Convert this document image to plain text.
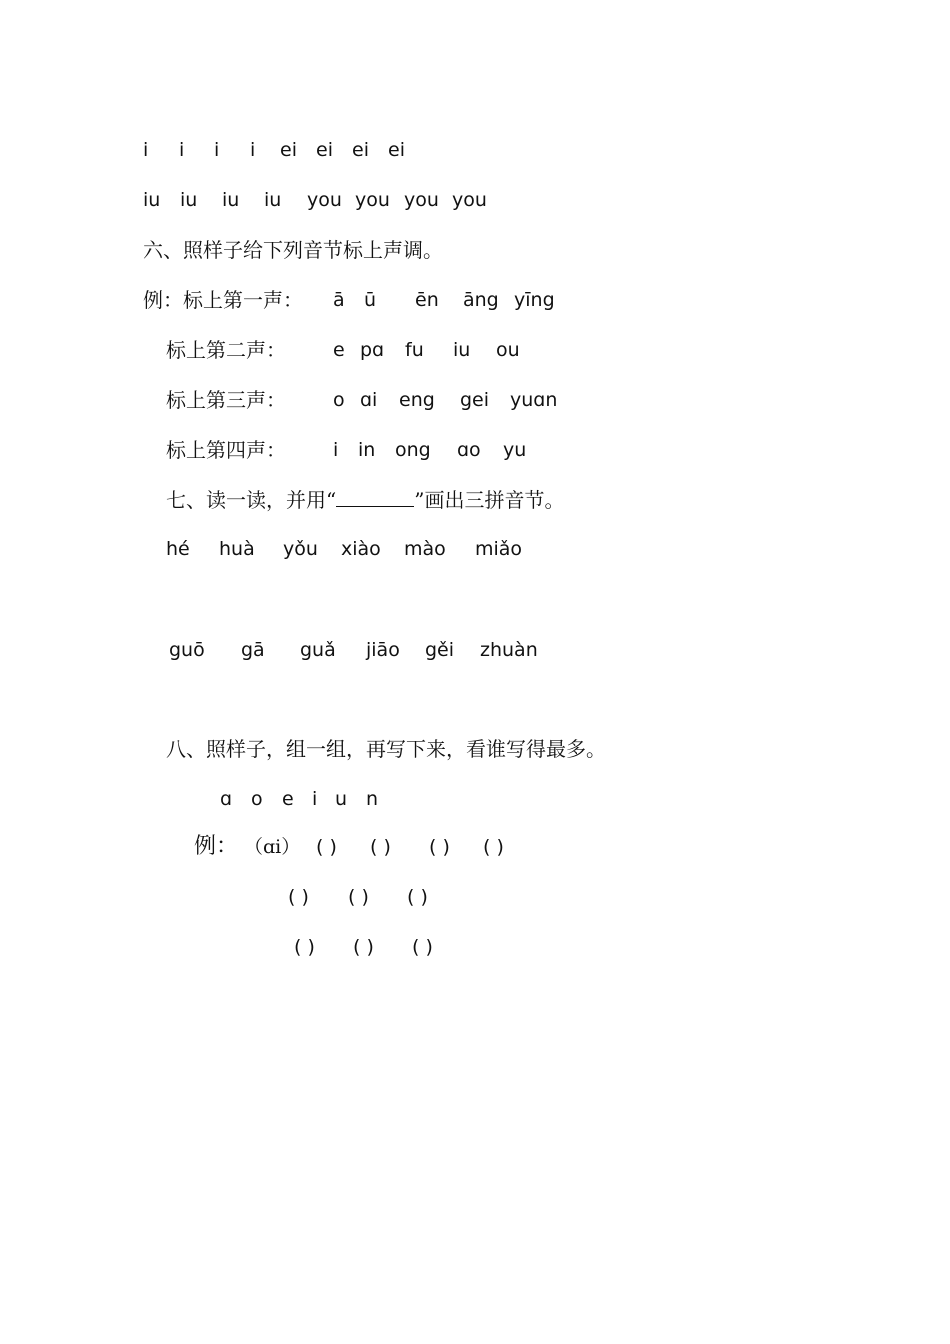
i i i i ei ei ei ei
iu iu iu iu you you you you
六、照样子给下列音节标上声调。
例：标上第一声： ā ū ēn āng yīng
标上第二声： e pɑ fu iu ou
标上第三声： o ɑi eng gei yuɑn
标上第四声： i in ong ɑo yu
七、读一读，并用“	”画出三拼音节。
hé huà yǒu xiào mào miǎo
guō gā guǎ jiāo gěi zhuàn
八、照样子，组一组，再写下来，看谁写得最多。
ɑ o e i u n
例： （ɑi） ( ) ( ) ( ) ( )
( ) ( ) ( )
( ) ( ) ( )
